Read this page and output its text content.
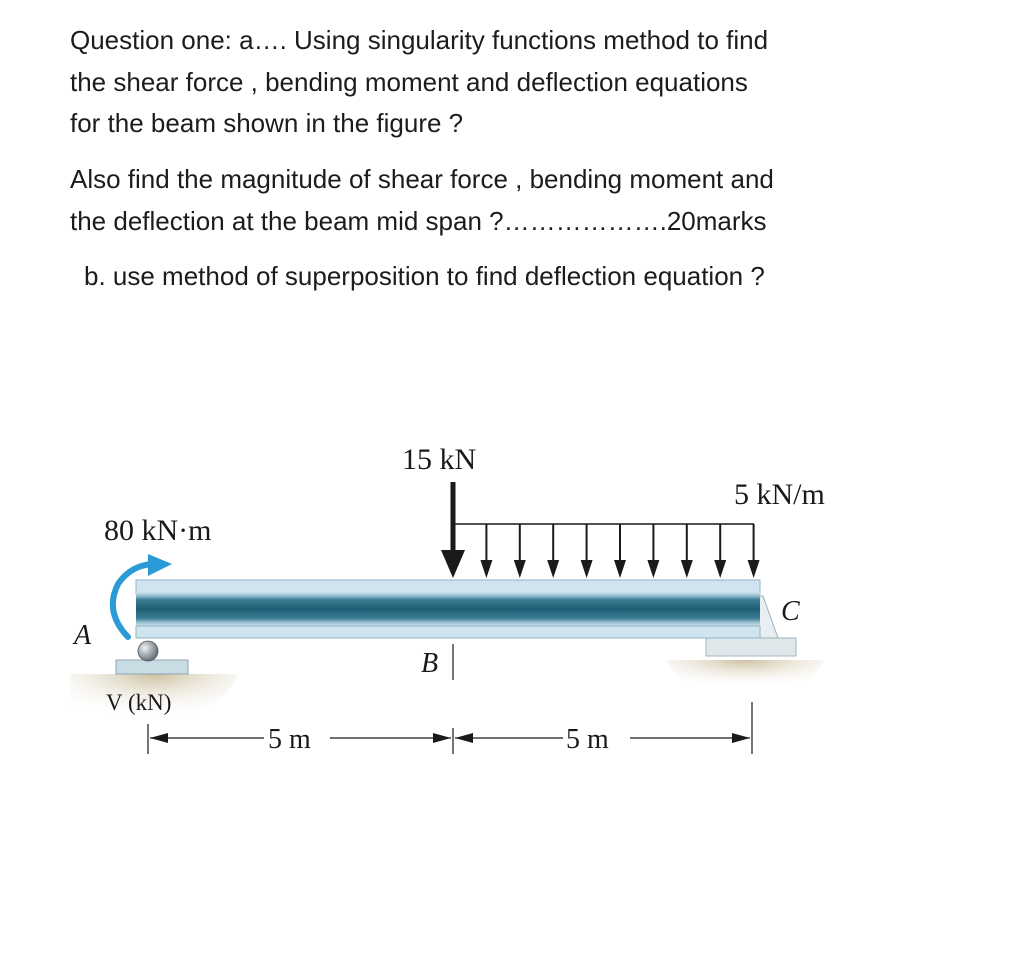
Question one: a…. Using singularity functions method to find
the shear force , bending moment and deflection equations
for the beam shown in the figure ?
Also find the magnitude of shear force , bending moment and
the deflection at the beam mid span ?……………….20marks
b. use method of superposition to find deflection equation ?
15 kN
5 kN/m
80 kN·m
A
B
C
V (kN)
5 m	5 m
